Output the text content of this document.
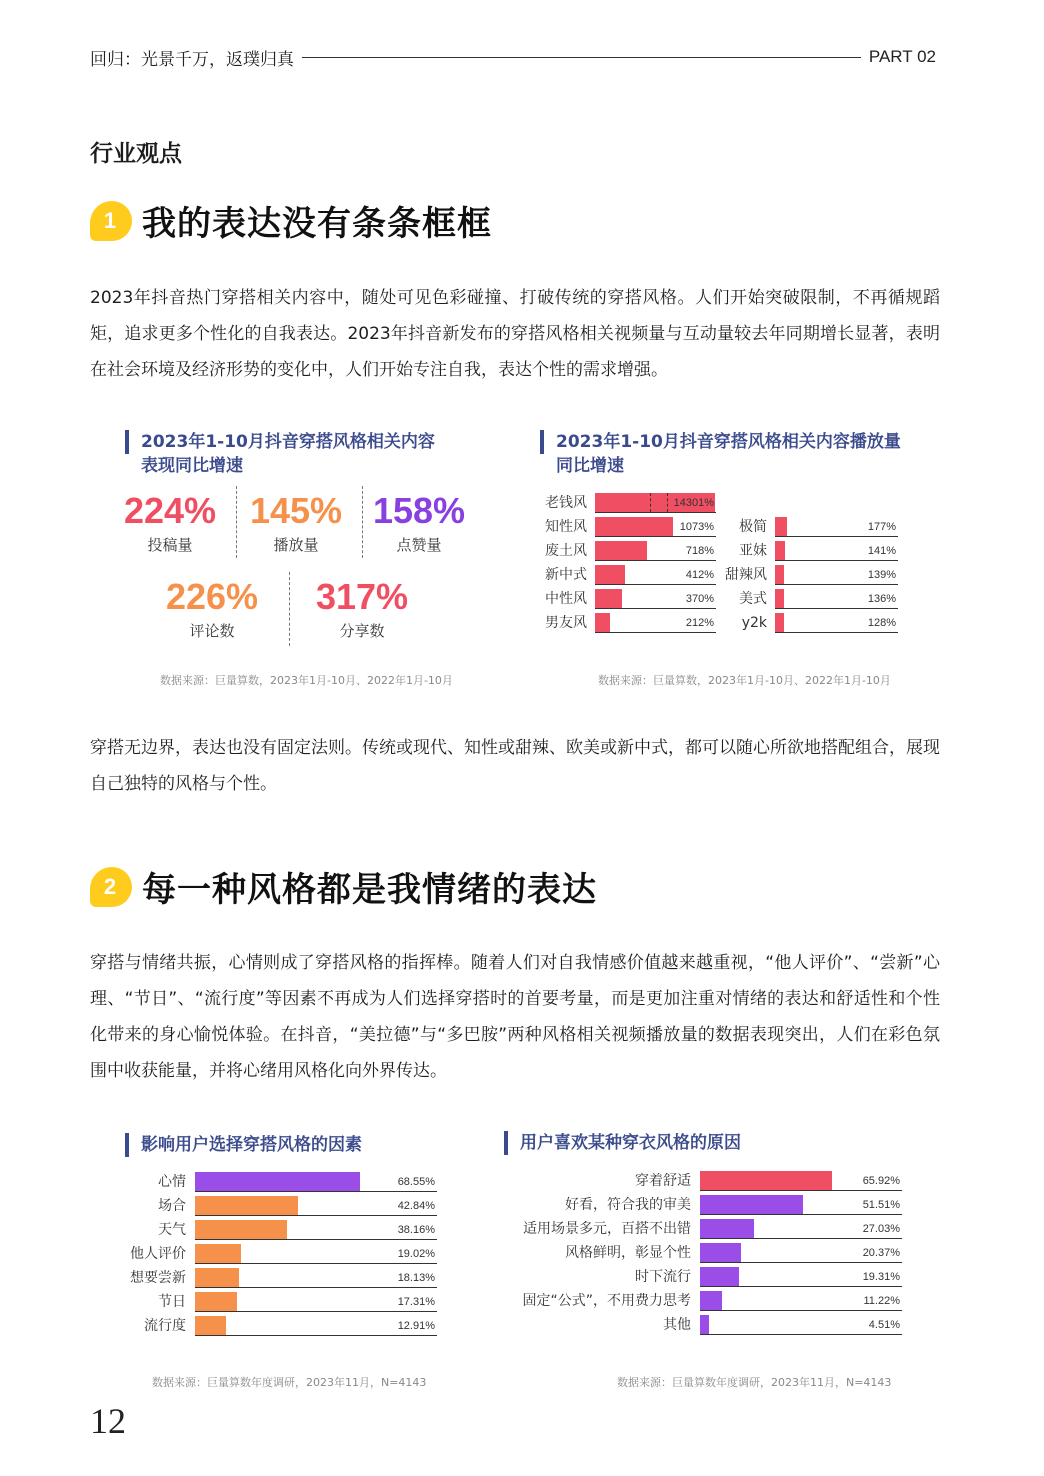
回归：光景千万，返璞归真	PART 02
行业观点
1 我的表达没有条条框框
2023年抖音热门穿搭相关内容中，随处可见色彩碰撞、打破传统的穿搭风格。人们开始突破限制，不再循规蹈矩，追求更多个性化的自我表达。2023年抖音新发布的穿搭风格相关视频量与互动量较去年同期增长显著，表明在社会环境及经济形势的变化中，人们开始专注自我，表达个性的需求增强。
2023年1-10月抖音穿搭风格相关内容
表现同比增速
224%
投稿量
145%
播放量
158%
点赞量
226%
评论数
317%
分享数
数据来源：巨量算数，2023年1月-10月、2022年1月-10月
2023年1-10月抖音穿搭风格相关内容播放量
同比增速
老钱风	14301%
知性风	1073%
废土风	718%
新中式	412%
中性风	370%
男友风	212%
极简	177%
亚妹	141%
甜辣风	139%
美式	136%
y2k	128%
数据来源：巨量算数，2023年1月-10月、2022年1月-10月
穿搭无边界，表达也没有固定法则。传统或现代、知性或甜辣、欧美或新中式，都可以随心所欲地搭配组合，展现自己独特的风格与个性。
2 每一种风格都是我情绪的表达
穿搭与情绪共振，心情则成了穿搭风格的指挥棒。随着人们对自我情感价值越来越重视，“他人评价”、“尝新”心理、“节日”、“流行度”等因素不再成为人们选择穿搭时的首要考量，而是更加注重对情绪的表达和舒适性和个性化带来的身心愉悦体验。在抖音，“美拉德”与“多巴胺”两种风格相关视频播放量的数据表现突出，人们在彩色氛围中收获能量，并将心绪用风格化向外界传达。
影响用户选择穿搭风格的因素
心情	68.55%
场合	42.84%
天气	38.16%
他人评价	19.02%
想要尝新	18.13%
节日	17.31%
流行度	12.91%
数据来源：巨量算数年度调研，2023年11月，N=4143
用户喜欢某种穿衣风格的原因
穿着舒适	65.92%
好看，符合我的审美	51.51%
适用场景多元，百搭不出错	27.03%
风格鲜明，彰显个性	20.37%
时下流行	19.31%
固定“公式”，不用费力思考	11.22%
其他	4.51%
数据来源：巨量算数年度调研，2023年11月，N=4143
12
